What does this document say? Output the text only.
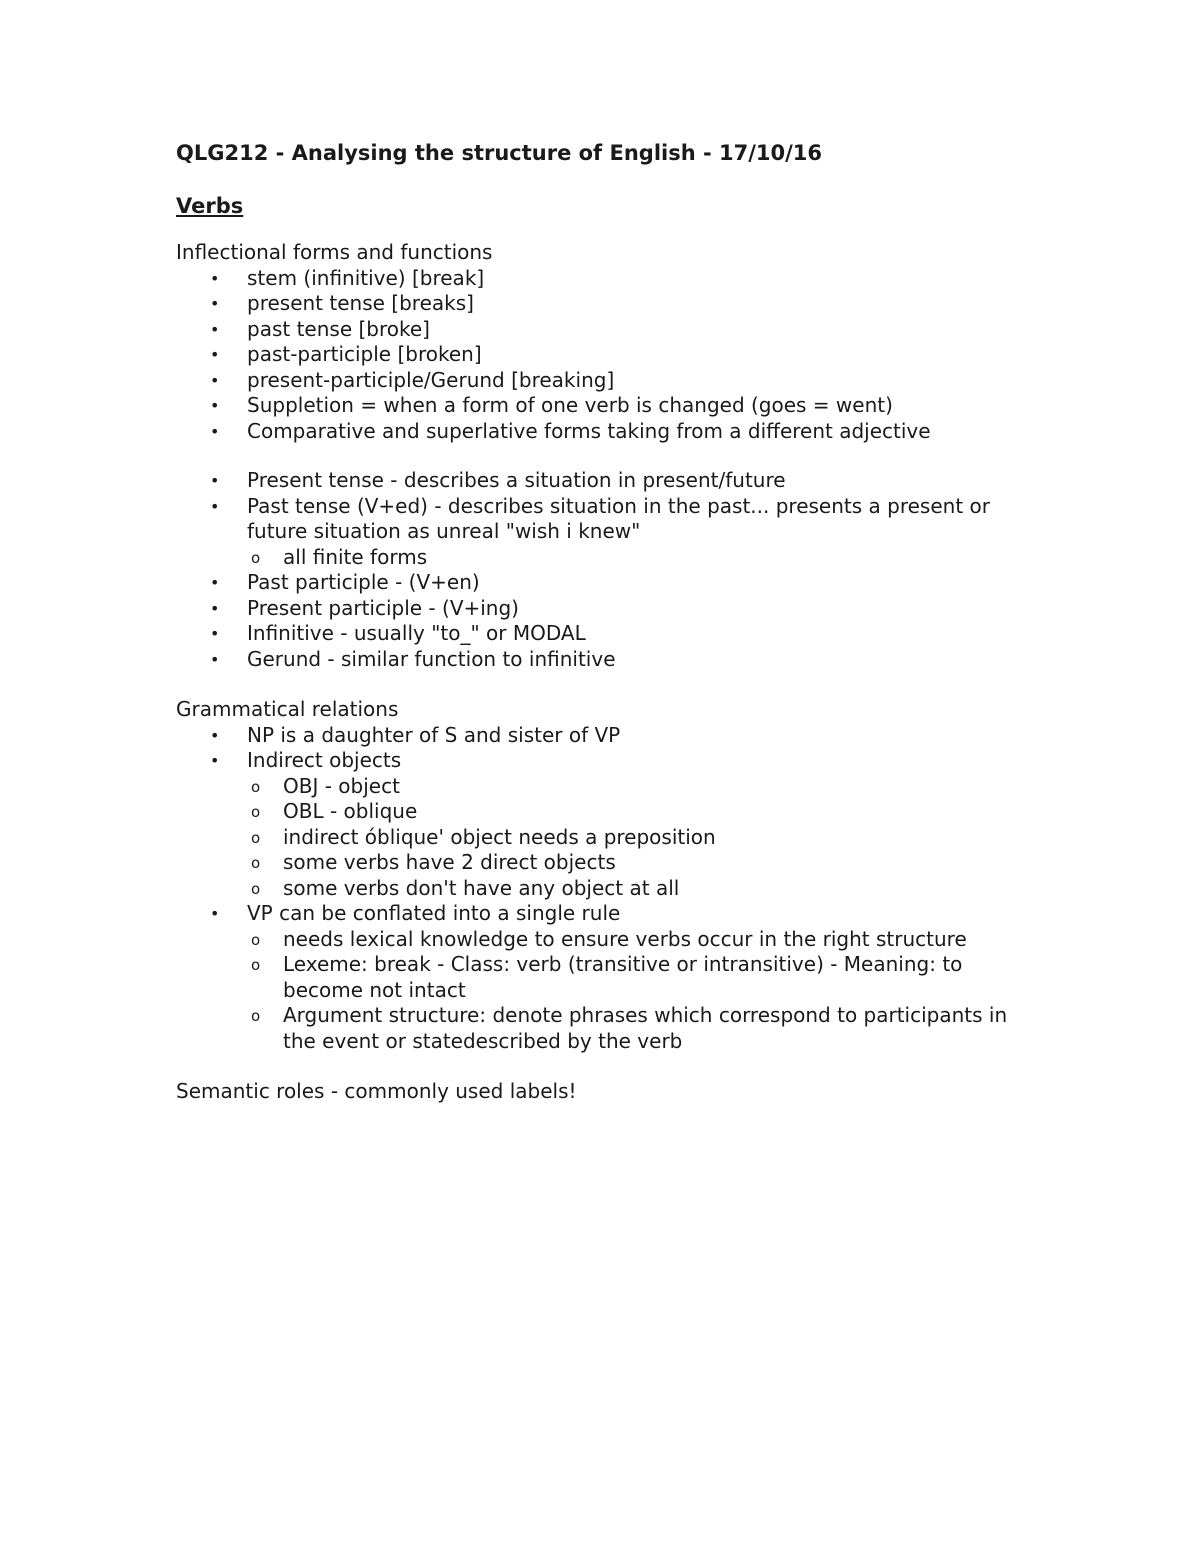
QLG212 - Analysing the structure of English - 17/10/16
Verbs
Inflectional forms and functions
• stem (infinitive) [break]
• present tense [breaks]
• past tense [broke]
• past-participle [broken]
• present-participle/Gerund [breaking]
• Suppletion = when a form of one verb is changed (goes = went)
• Comparative and superlative forms taking from a different adjective
• Present tense - describes a situation in present/future
• Past tense (V+ed) - describes situation in the past... presents a present or future situation as unreal "wish i knew"
o all finite forms
• Past participle - (V+en)
• Present participle - (V+ing)
• Infinitive - usually "to_" or MODAL
• Gerund - similar function to infinitive
Grammatical relations
• NP is a daughter of S and sister of VP
• Indirect objects
o OBJ - object
o OBL - oblique
o indirect óblique' object needs a preposition
o some verbs have 2 direct objects
o some verbs don't have any object at all
• VP can be conflated into a single rule
o needs lexical knowledge to ensure verbs occur in the right structure
o Lexeme: break - Class: verb (transitive or intransitive) - Meaning: to become not intact
o Argument structure: denote phrases which correspond to participants in the event or statedescribed by the verb
Semantic roles - commonly used labels!
